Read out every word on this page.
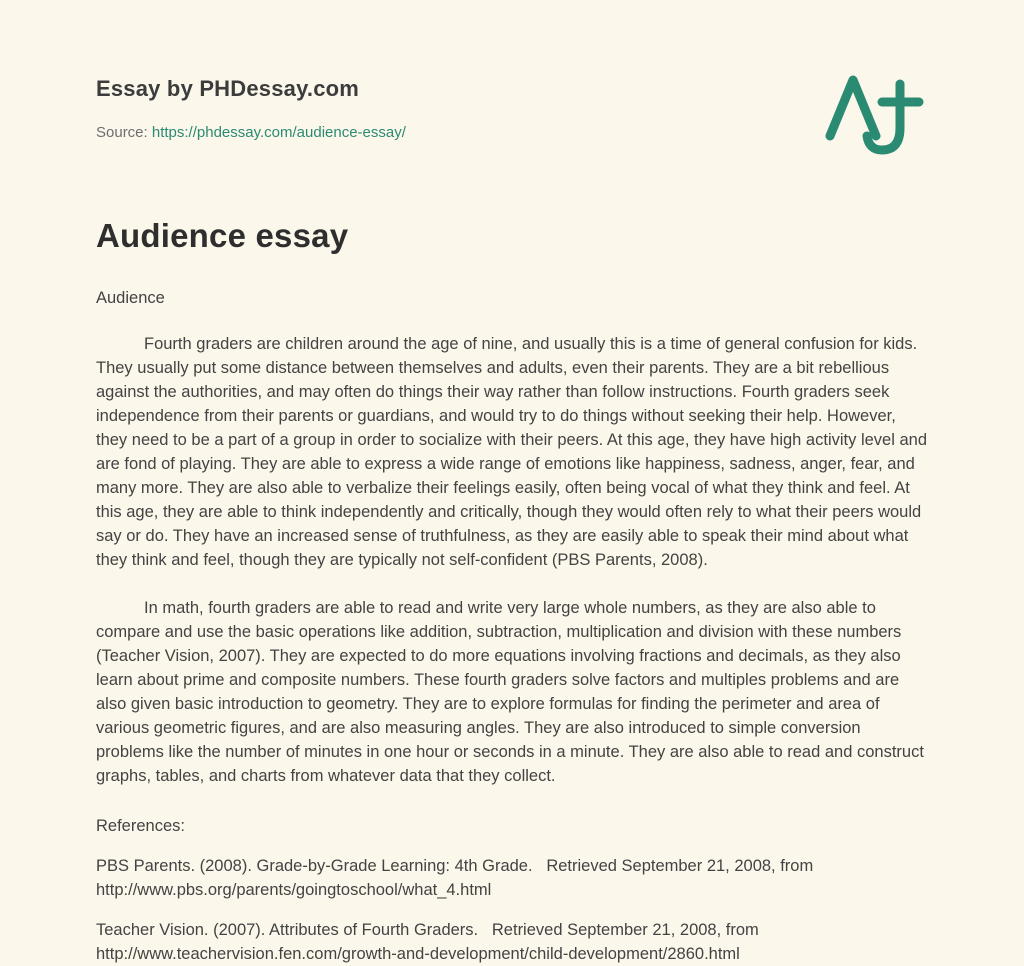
Essay by PHDessay.com

Source: https://phdessay.com/audience-essay/

Audience essay

Audience

Fourth graders are children around the age of nine, and usually this is a time of general confusion for kids. They usually put some distance between themselves and adults, even their parents. They are a bit rebellious against the authorities, and may often do things their way rather than follow instructions. Fourth graders seek independence from their parents or guardians, and would try to do things without seeking their help. However, they need to be a part of a group in order to socialize with their peers. At this age, they have high activity level and are fond of playing. They are able to express a wide range of emotions like happiness, sadness, anger, fear, and many more. They are also able to verbalize their feelings easily, often being vocal of what they think and feel. At this age, they are able to think independently and critically, though they would often rely to what their peers would say or do. They have an increased sense of truthfulness, as they are easily able to speak their mind about what they think and feel, though they are typically not self-confident (PBS Parents, 2008).

In math, fourth graders are able to read and write very large whole numbers, as they are also able to compare and use the basic operations like addition, subtraction, multiplication and division with these numbers (Teacher Vision, 2007). They are expected to do more equations involving fractions and decimals, as they also learn about prime and composite numbers. These fourth graders solve factors and multiples problems and are also given basic introduction to geometry. They are to explore formulas for finding the perimeter and area of various geometric figures, and are also measuring angles. They are also introduced to simple conversion problems like the number of minutes in one hour or seconds in a minute. They are also able to read and construct graphs, tables, and charts from whatever data that they collect.

References:

PBS Parents. (2008). Grade-by-Grade Learning: 4th Grade.   Retrieved September 21, 2008, from http://www.pbs.org/parents/goingtoschool/what_4.html

Teacher Vision. (2007). Attributes of Fourth Graders.   Retrieved September 21, 2008, from http://www.teachervision.fen.com/growth-and-development/child-development/2860.html
